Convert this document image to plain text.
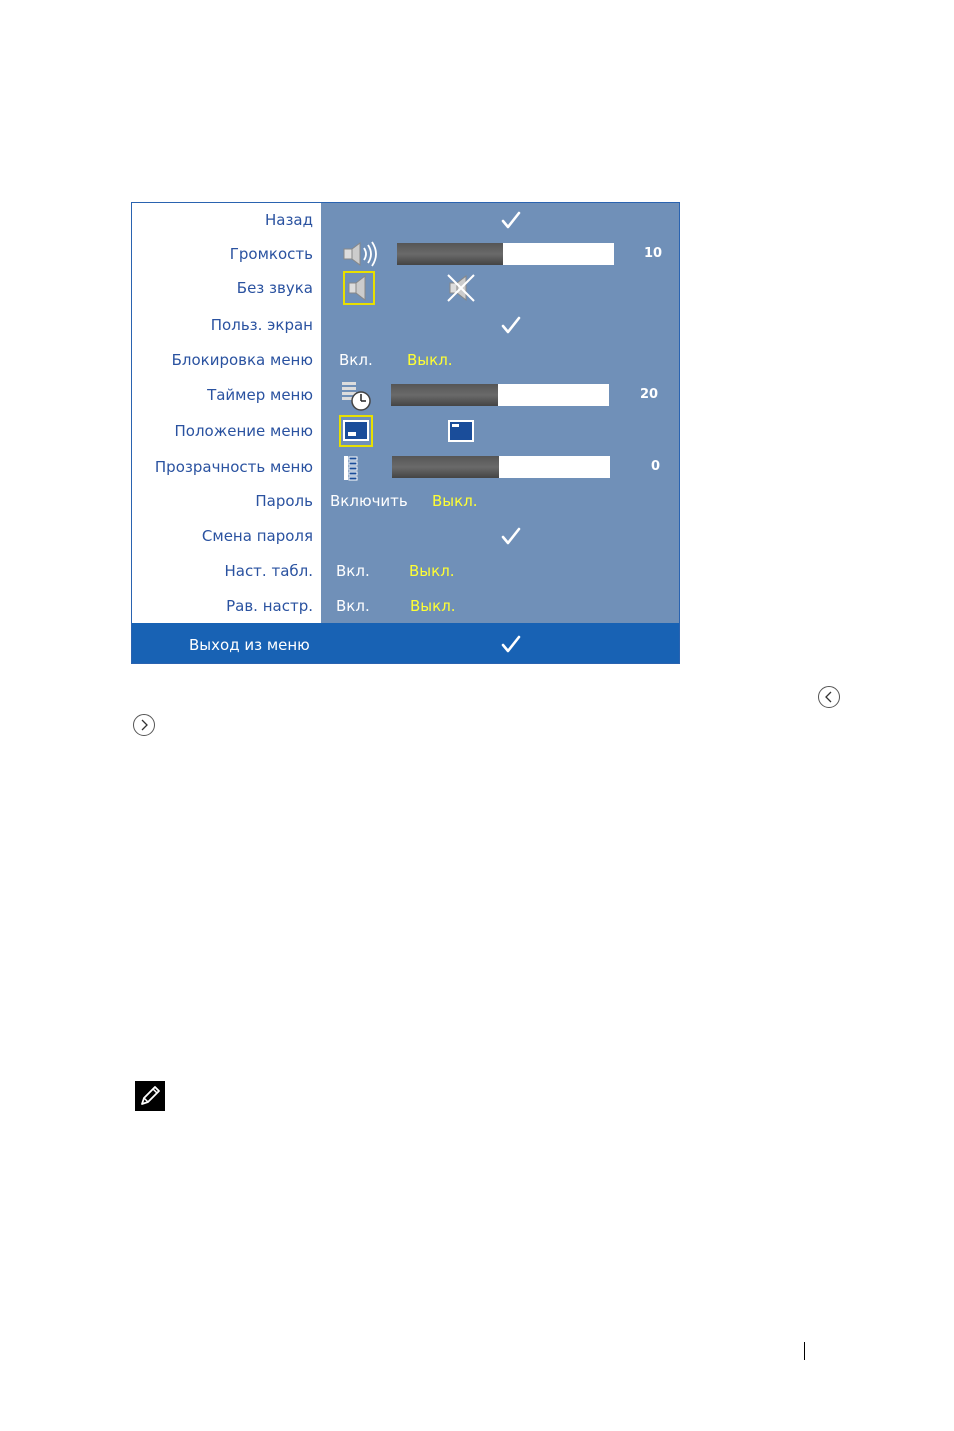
Назад
Громкость	10
Без звука
Польз. экран
Блокировка меню Вкл. Выкл.
Таймер меню	20
Положение меню
Прозрачность меню	0
Пароль Включить Выкл.
Смена пароля
Наст. табл. Вкл.	Выкл.
Рав. настр. Вкл.	Выкл.
Выход из меню
